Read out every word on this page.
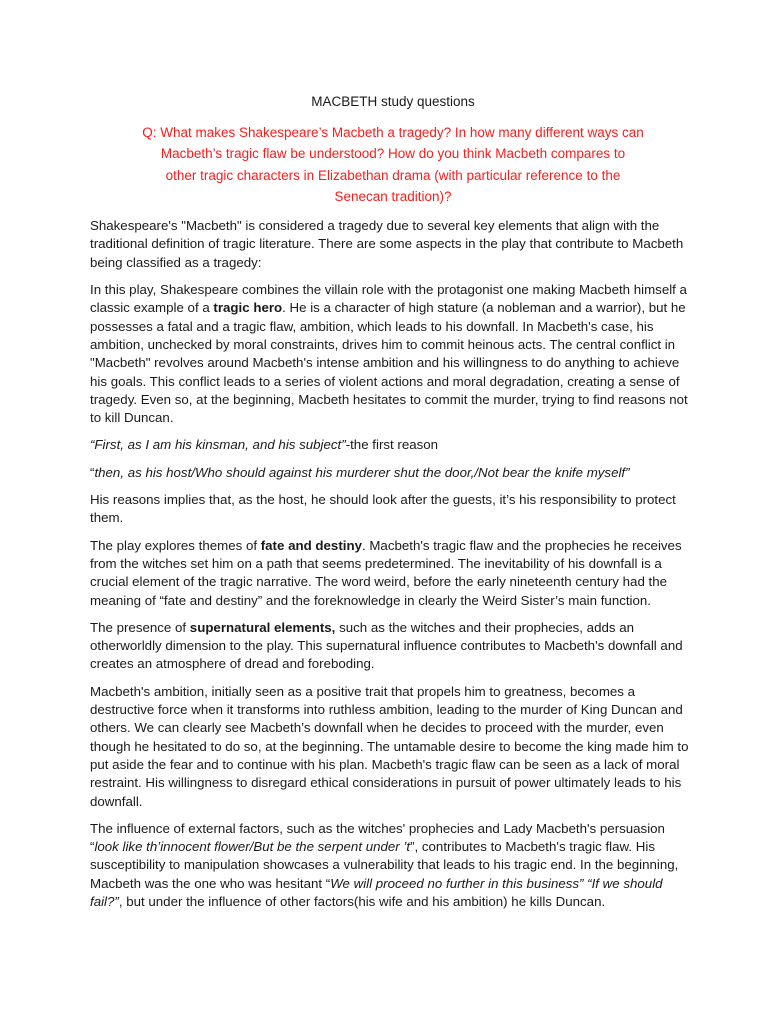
MACBETH study questions
Q: What makes Shakespeare’s Macbeth a tragedy? In how many different ways can
Macbeth’s tragic flaw be understood? How do you think Macbeth compares to
other tragic characters in Elizabethan drama (with particular reference to the
Senecan tradition)?

Shakespeare's "Macbeth" is considered a tragedy due to several key elements that align with the traditional definition of tragic literature. There are some aspects in the play that contribute to Macbeth being classified as a tragedy:

In this play, Shakespeare combines the villain role with the protagonist one making Macbeth himself a classic example of a tragic hero. He is a character of high stature (a nobleman and a warrior), but he possesses a fatal and a tragic flaw, ambition, which leads to his downfall. In Macbeth's case, his ambition, unchecked by moral constraints, drives him to commit heinous acts. The central conflict in "Macbeth" revolves around Macbeth's intense ambition and his willingness to do anything to achieve his goals. This conflict leads to a series of violent actions and moral degradation, creating a sense of tragedy. Even so, at the beginning, Macbeth hesitates to commit the murder, trying to find reasons not to kill Duncan.

“First, as I am his kinsman, and his subject”-the first reason

“then, as his host/Who should against his murderer shut the door,/Not bear the knife myself”

His reasons implies that, as the host, he should look after the guests, it’s his responsibility to protect them.

The play explores themes of fate and destiny. Macbeth's tragic flaw and the prophecies he receives from the witches set him on a path that seems predetermined. The inevitability of his downfall is a crucial element of the tragic narrative. The word weird, before the early nineteenth century had the meaning of “fate and destiny” and the foreknowledge in clearly the Weird Sister’s main function.

The presence of supernatural elements, such as the witches and their prophecies, adds an otherworldly dimension to the play. This supernatural influence contributes to Macbeth's downfall and creates an atmosphere of dread and foreboding.

Macbeth's ambition, initially seen as a positive trait that propels him to greatness, becomes a destructive force when it transforms into ruthless ambition, leading to the murder of King Duncan and others. We can clearly see Macbeth’s downfall when he decides to proceed with the murder, even though he hesitated to do so, at the beginning. The untamable desire to become the king made him to put aside the fear and to continue with his plan. Macbeth's tragic flaw can be seen as a lack of moral restraint. His willingness to disregard ethical considerations in pursuit of power ultimately leads to his downfall.

The influence of external factors, such as the witches' prophecies and Lady Macbeth's persuasion “look like th’innocent flower/But be the serpent under ’t”, contributes to Macbeth's tragic flaw. His susceptibility to manipulation showcases a vulnerability that leads to his tragic end. In the beginning, Macbeth was the one who was hesitant “We will proceed no further in this business” “If we should fail?”, but under the influence of other factors(his wife and his ambition) he kills Duncan.
